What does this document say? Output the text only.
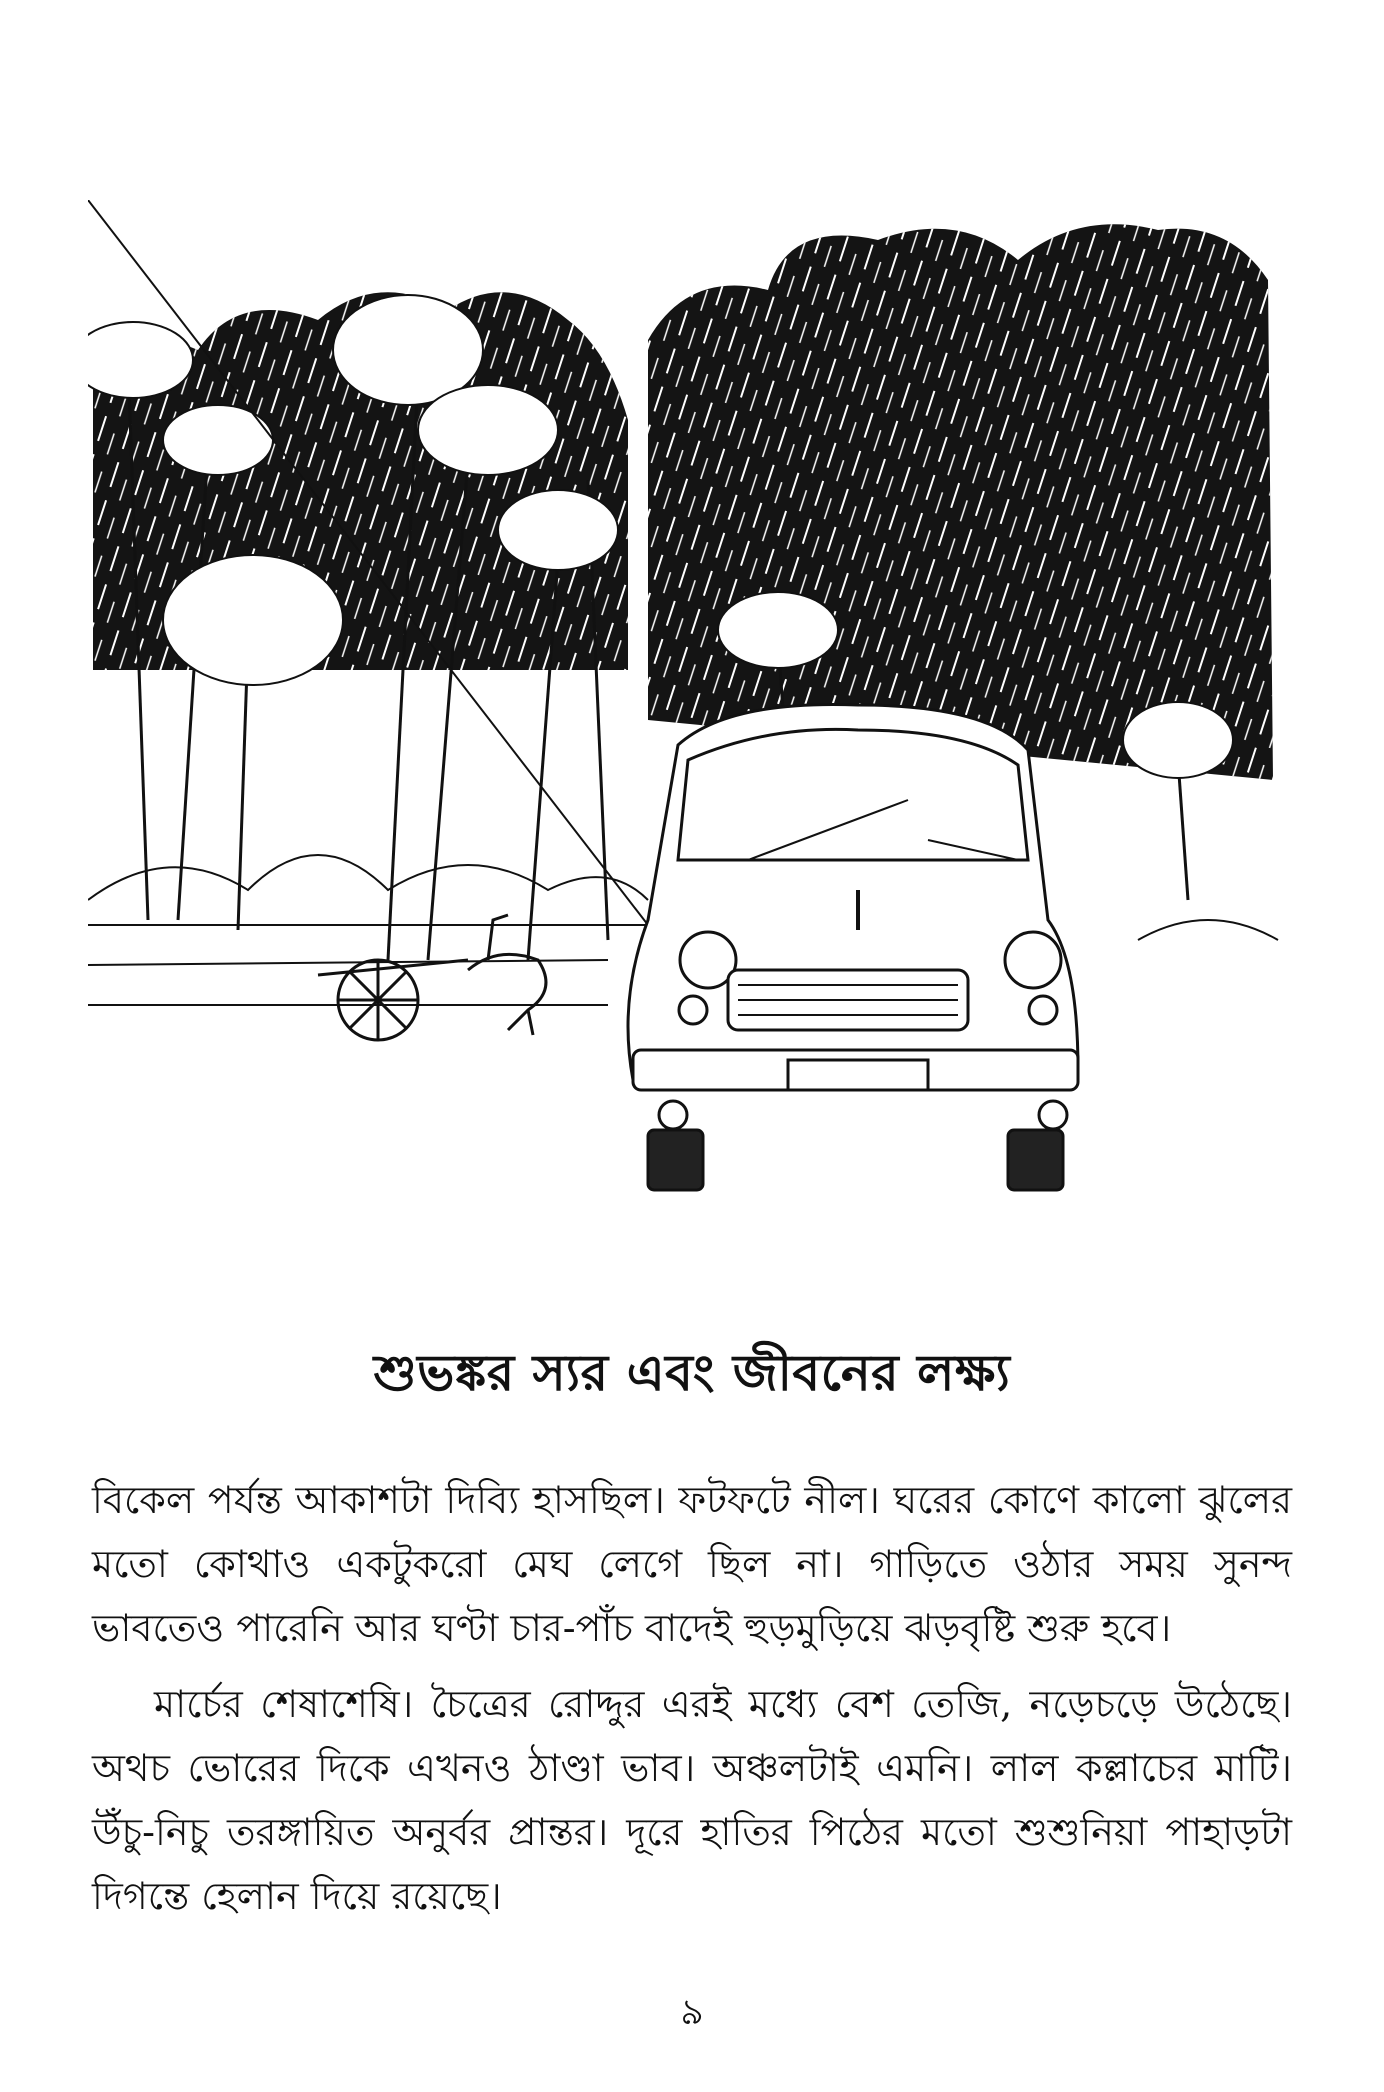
শুভঙ্কর স্যর এবং জীবনের লক্ষ্য

বিকেল পর্যন্ত আকাশটা দিব্যি হাসছিল। ফটফটে নীল। ঘরের কোণে কালো ঝুলের মতো কোথাও একটুকরো মেঘ লেগে ছিল না। গাড়িতে ওঠার সময় সুনন্দ ভাবতেও পারেনি আর ঘণ্টা চার-পাঁচ বাদেই হুড়মুড়িয়ে ঝড়বৃষ্টি শুরু হবে।

মার্চের শেষাশেষি। চৈত্রের রোদ্দুর এরই মধ্যে বেশ তেজি, নড়েচড়ে উঠেছে। অথচ ভোরের দিকে এখনও ঠাণ্ডা ভাব। অঞ্চলটাই এমনি। লাল কল্লাচের মাটি। উঁচু-নিচু তরঙ্গায়িত অনুর্বর প্রান্তর। দূরে হাতির পিঠের মতো শুশুনিয়া পাহাড়টা দিগন্তে হেলান দিয়ে রয়েছে।

৯
